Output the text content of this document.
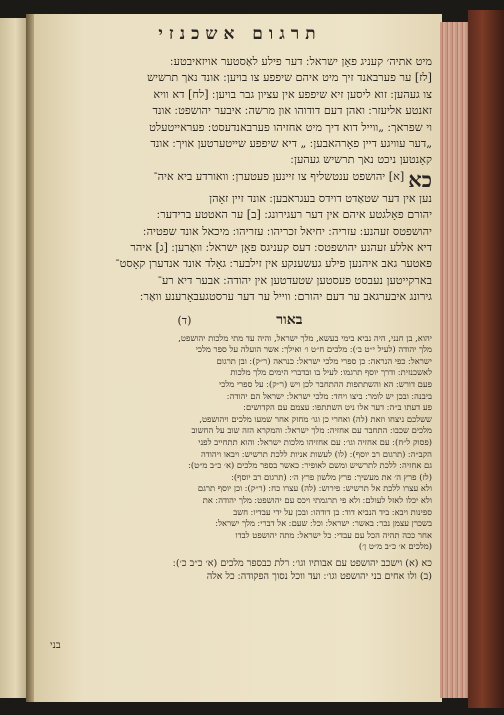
תרגום אשכנזי

מיט אתיה׳ קעניג פאָן ישראל ׃ דער פילע לאַסטער אויזאיבטע ׃

[לז] ער פערבאנד זיך מיט איהם שיפפע צו בויען ׃ אונד נאך תרשיש

צו געהען ׃ זוא ליסען זיא שיפפע אין עציון גבר בויען ׃ [לח] דא וויא

זאנטע אליעזר ׃ ואהן דעם דודוהו און מרשה ׃ איבער יהושפט ׃ אונד

וי שפראך ׃ „ווייל דוא דיך מיט אחזיהו פערבאנדעסט ׃ פעראייטעלט

„דער עוויגע דיין פאָרהאבען ׃ „ דיא שיפפע שייטערטען אויך ׃ אונד

קאָנטען ניכט נאך תרשיש געהען ׃

כא

[א] יהושפט ענטשליף צו זיינען פעטערן ׃ וואורדע ביא איה־

נען אין דער שטאַדט דוידס בעגראבען ׃ אונד זיין זאָהן

יהורם פאָלגטע איהם אין דער רעגירונג ׃ [ב] ער האטטע ברידער ׃

יהושפטס זעהנע ׃ עזריה ׃ יחיאל זכריהו ׃ עזריהו ׃ מיכאל אונד שפטיה ׃

דיא אללע זעהנע יהושפטס ׃ דעס קעניגס פאָן ישראל ׃ וואַרען ׃ [ג] איהר

פאטער גאב איהנען פילע געשענקע אין זילבער ׃ גאָלד אונד אנדערן קאָסט־

בארקייטען נעבסט פעסטען שטעדטען אין יהודה ׃ אבער דיא רע־

גירונג איבערגאב ער דעם יהורם ׃ ווייל ער דער ערסטגעבאָרענע וואַר ׃

באור (ד)

יהוא, בן חנני, היה נביא בימי בעשא, מלך ישראל, והיה עד מתי מלכות יהושפט,

מלך יהודה (לעיל י״ט ב׳) ׃ מלכים ח״ט ו׳ ואילך ׃ אשר הועלה על ספר מלכי

ישראל ׃ כפי הנראה ׃ כן ספרי מלכי ישראל ׃ כנראה (ר״ק) ׃ ובן תרגום

לאשכנזית ׃ ודרך יוסף תרגמו ׃ לעיל בו ובדברי הימים מלך מלכות

פעם דורש ׃ הא והשתתפות ההתחבר לכן ויש (ר״ק) ׃ על ספרי מלכי

ביבנה ׃ ובכן יש לומר ׃ ביצו ויחד ׃ מלכי ישראל ׃ ישראל הם יהודה ׃

פע דעתו ב״ה ׃ דער אלו ניט השתתפו ׃ עצמם עם הקדושים ׃

ששלכם ניצחו וזאת (לה) ואחרי כן וגו׳ מחזק אחר שמעו מלכים ויהושפט,

מלכים שכבו ׃ התחבר עם אחזיה ׃ מלך ישראל ׃ והמקרא הזה שוב על החשוב

(פסוק ל״ח) ׃ עם אחזיה וגו׳ ׃ עם אחזיהו מלכות ישראל ׃ והוא תתחייב לפני

הקב״ה ׃ (תרגום רב יוסף) ׃ (לו) לעשות אניות ללכת תרשיש ׃ ויבאו ויהודה

גם אחזיה ׃ ללכת לתרשיש ומשם לאופיר ׃ כאשר בספר מלכים (א׳ כ״ב מ״ט) ׃

(לז) פרץ ה׳ את מעשיך ׃ פרץ מלשון פרץ ה׳ ׃ (תרגום רב יוסף) ׃

ולא עצרו ללכת אל תרשיש ׃ פירוש ׃ (לה) עצרו כח ׃ (ר״ק) ׃ וכן יוסף תרגם

ולא יכלו לאזל לעולם ׃ ולא פי תרגמתי ויכס עם יהושפט ׃ מלך יהודה ׃ את

ספינות ויבא ׃ ביד הנביא דוד ׃ בן דודהו ׃ ובכן על ידי עבדיו ׃ חשב

בשכרן עצמן נכר ׃ באשר ׃ ישראל ׃ וכל ׃ שעם ׃ אל דברי ׃ מלך ישראל ׃

אחר ככה תהיה הכל עם עבדי ׃ כל ישראל ׃ מתה יהושפט לבדו

(מלכים א׳ כ״ב מ״ט ן׳)

כא (א) וישכב יהושפט עם אבותיו וגו׳ ׃ רלת כבספר מלכים (א׳ כ״ב כ׳) ׃

(ב) ולו אחים בני יהושפט וגו׳ ׃ ועד ווכל נסוך הפקודה ׃ כל אלה

בני
